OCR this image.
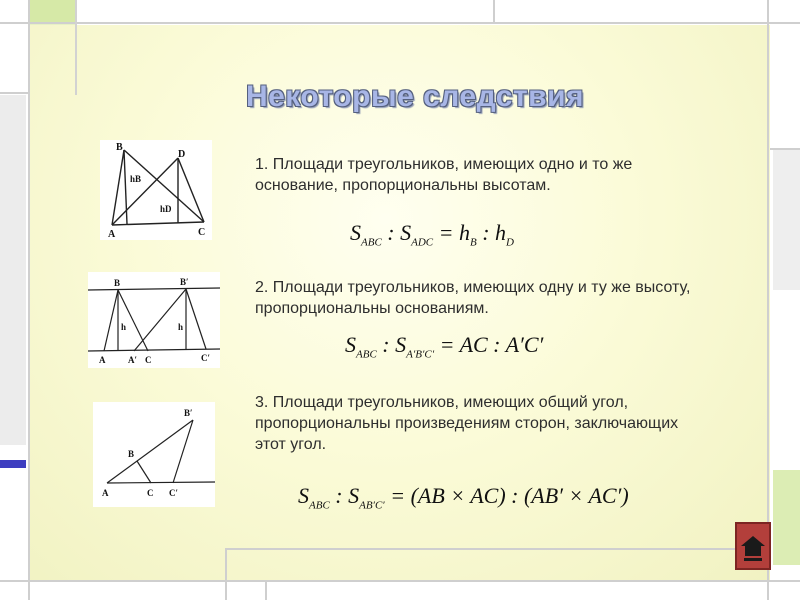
Некоторые следствия
B
D
A	C
hB
hD
B	B′
h	h
A	A′ C	C′
B′
B
A	C C′
1. Площади треугольников, имеющих одно и то же основание, пропорциональны высотам.
2. Площади треугольников, имеющих одну и ту же высоту, пропорциональны основаниям.
3. Площади треугольников, имеющих общий угол, пропорциональны произведениям сторон, заключающих этот угол.
$S_{ABC}$ : $S_{ADC} = h_B$ : $h_D$
$S_{ABC}$ : $S_{A'B'C'}$ = AC : A′C′
$S_{ABC}$ : $S_{AB'C'} = (AB \times AC)$ : (AB′ × AC′)
